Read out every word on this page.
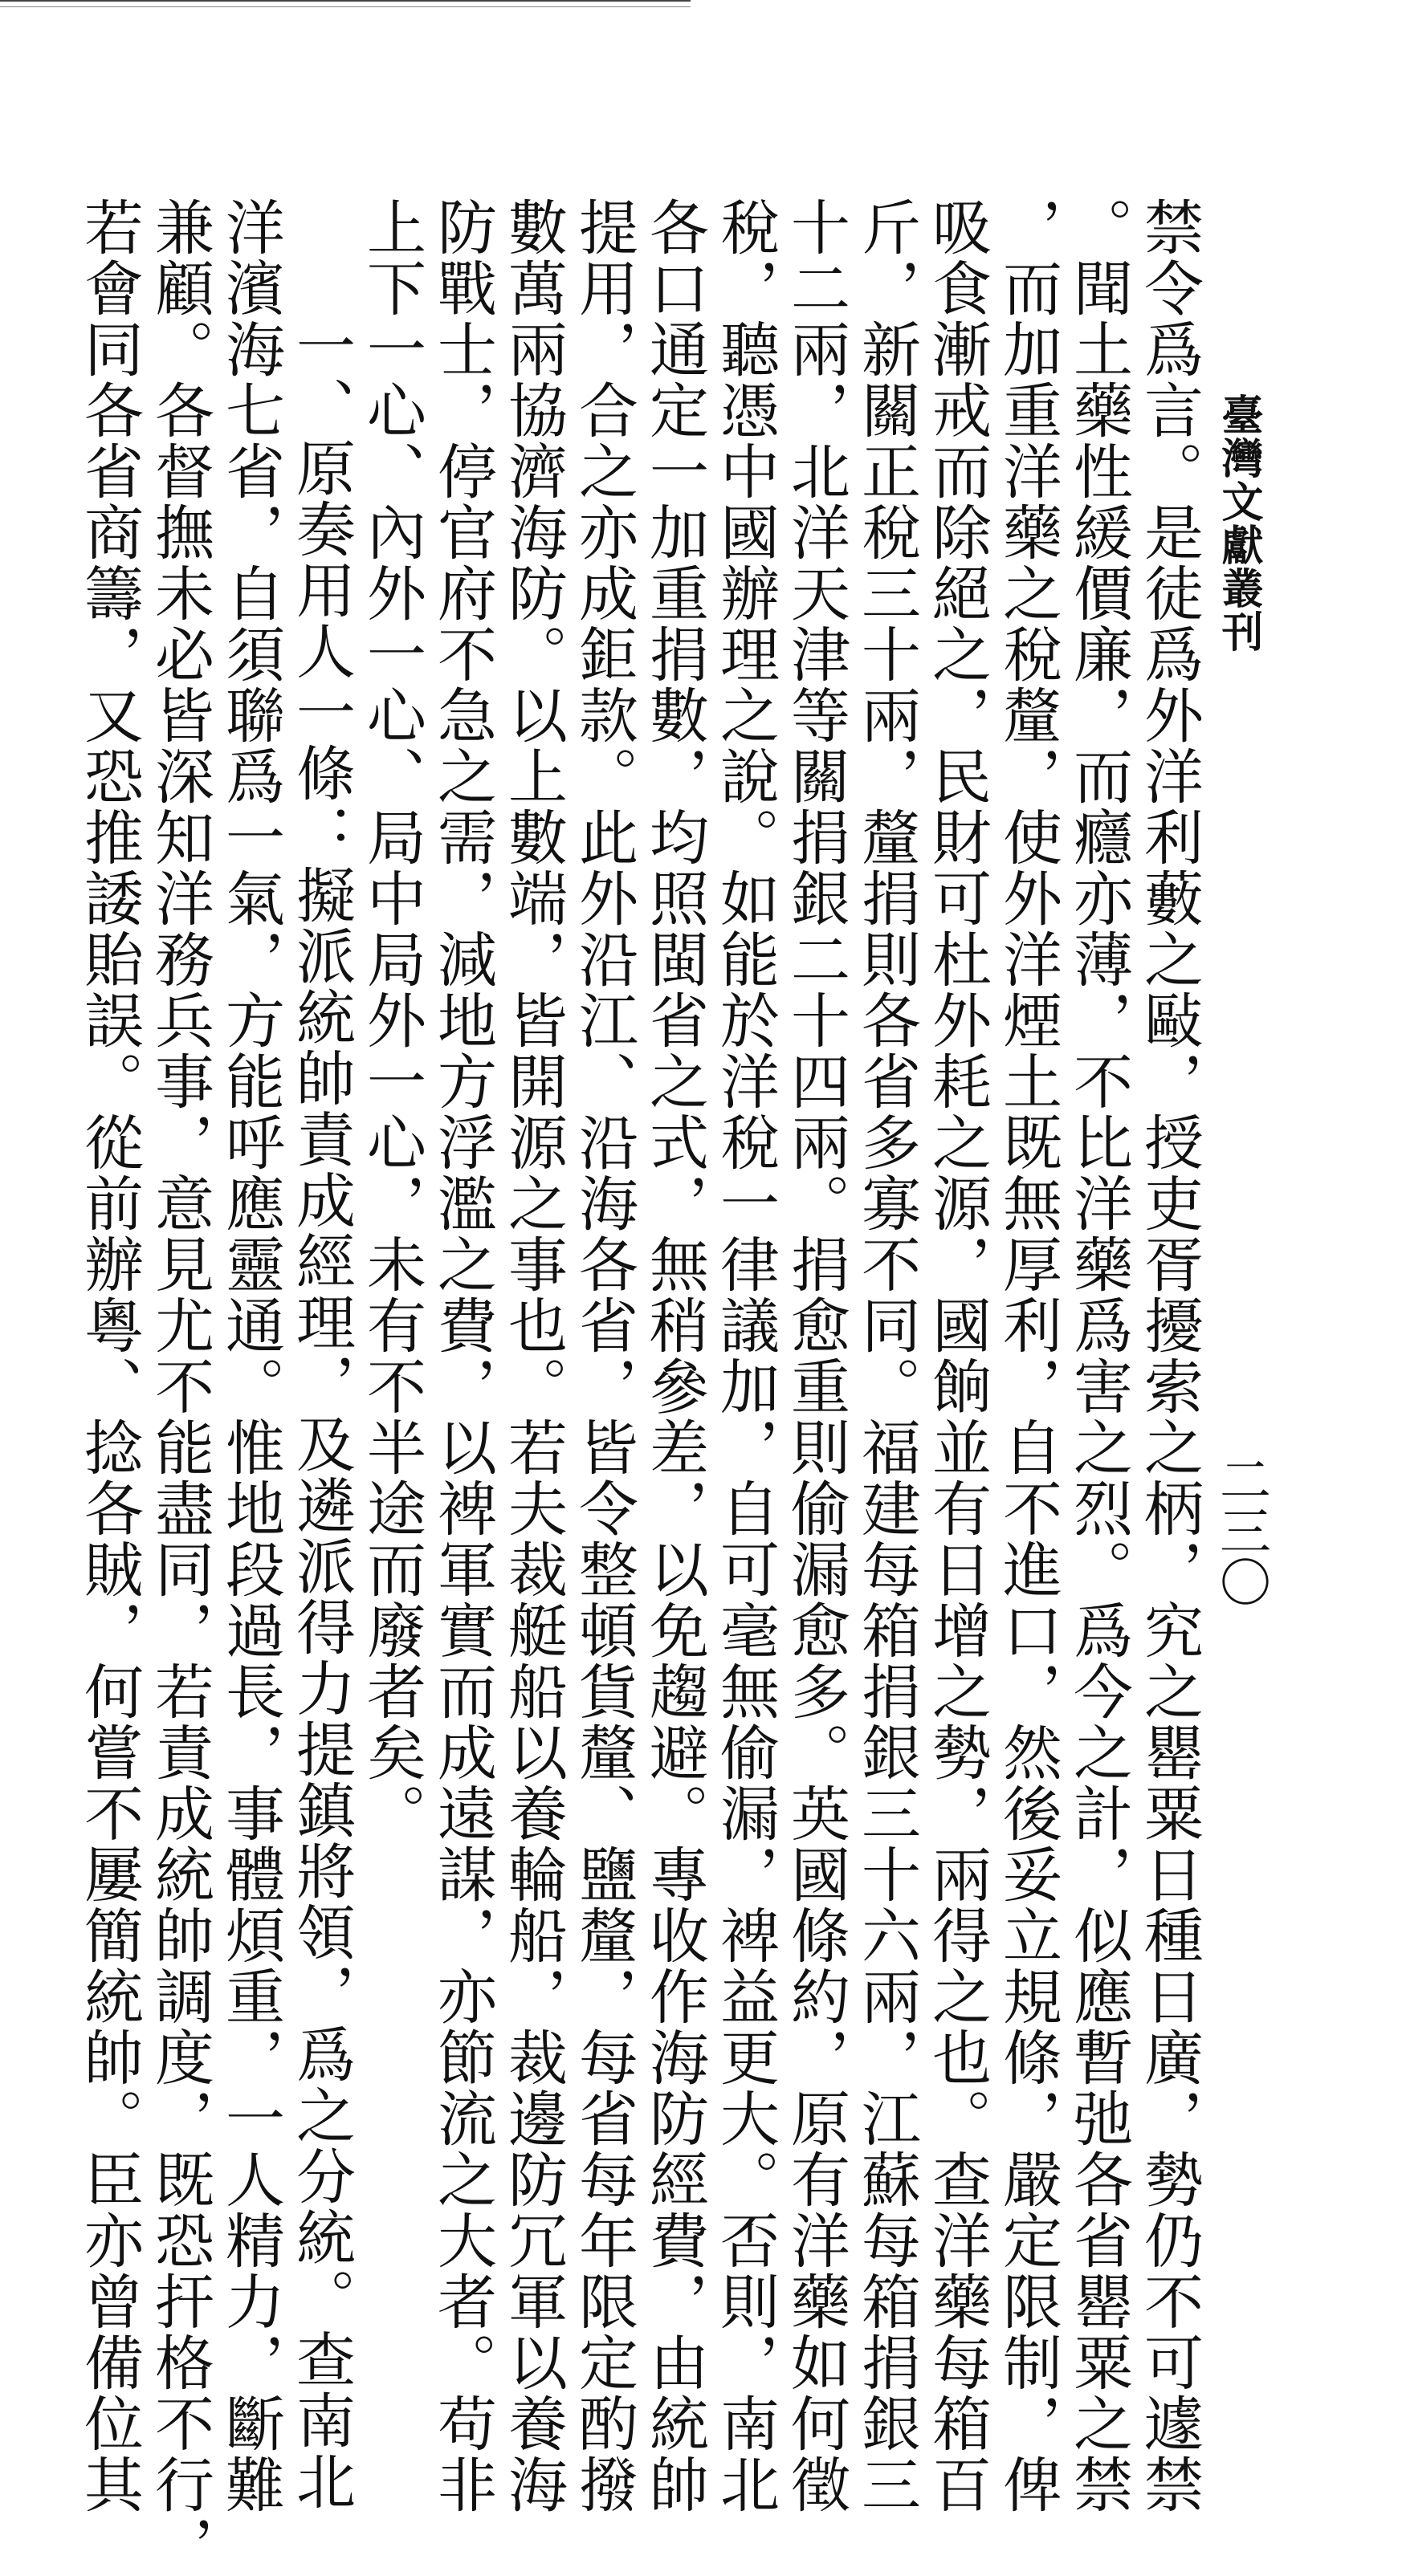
臺灣文獻叢刊
二三〇
禁令爲言。是徒爲外洋利藪之敺，授吏胥擾索之柄，究之罌粟日種日廣，勢仍不可遽禁
。聞土藥性緩價廉，而癮亦薄，不比洋藥爲害之烈。爲今之計，似應暫弛各省罌粟之禁
，而加重洋藥之稅釐，使外洋煙土既無厚利，自不進口，然後妥立規條，嚴定限制，俾
吸食漸戒而除絕之，民財可杜外耗之源，國餉並有日增之勢，兩得之也。查洋藥每箱百
斤，新關正稅三十兩，釐捐則各省多寡不同。福建每箱捐銀三十六兩，江蘇每箱捐銀三
十二兩，北洋天津等關捐銀二十四兩。捐愈重則偷漏愈多。英國條約，原有洋藥如何徵
稅，聽憑中國辦理之說。如能於洋稅一律議加，自可毫無偷漏，裨益更大。否則，南北
各口通定一加重捐數，均照閩省之式，無稍參差，以免趨避。專收作海防經費，由統帥
提用，合之亦成鉅款。此外沿江、沿海各省，皆令整頓貨釐、鹽釐，每省每年限定酌撥
數萬兩協濟海防。以上數端，皆開源之事也。若夫裁艇船以養輪船，裁邊防冗軍以養海
防戰士，停官府不急之需，減地方浮濫之費，以裨軍實而成遠謀，亦節流之大者。苟非
上下一心、內外一心、局中局外一心，未有不半途而廢者矣。
一、原奏用人一條：擬派統帥責成經理，及遴派得力提鎮將領，爲之分統。查南北
洋濱海七省，自須聯爲一氣，方能呼應靈通。惟地段過長，事體煩重，一人精力，斷難
兼顧。各督撫未必皆深知洋務兵事，意見尤不能盡同，若責成統帥調度，既恐扞格不行，
若會同各省商籌，又恐推諉貽誤。從前辦粵、捻各賊，何嘗不屢簡統帥。臣亦曾備位其
